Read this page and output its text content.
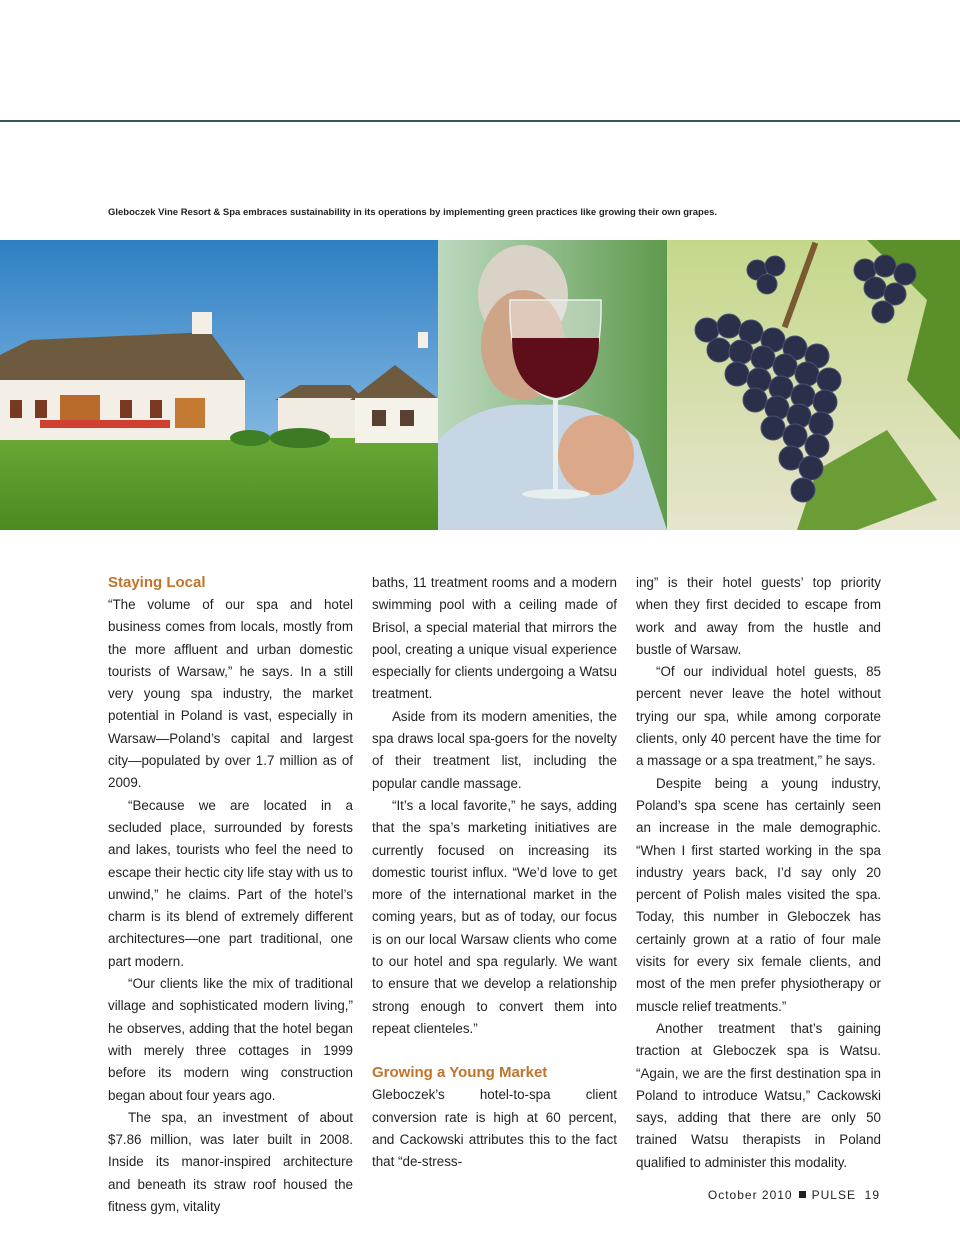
Gleboczek Vine Resort & Spa embraces sustainability in its operations by implementing green practices like growing their own grapes.
Staying Local

“The volume of our spa and hotel business comes from locals, mostly from the more affluent and urban domestic tourists of Warsaw,” he says. In a still very young spa industry, the market potential in Poland is vast, especially in Warsaw—Poland’s capital and largest city—populated by over 1.7 million as of 2009.

“Because we are located in a secluded place, surrounded by forests and lakes, tourists who feel the need to escape their hectic city life stay with us to unwind,” he claims. Part of the hotel’s charm is its blend of extremely different architectures—one part traditional, one part modern.

“Our clients like the mix of traditional village and sophisticated modern living,” he observes, adding that the hotel began with merely three cottages in 1999 before its modern wing construction began about four years ago.

The spa, an investment of about $7.86 million, was later built in 2008. Inside its manor-inspired architecture and beneath its straw roof housed the fitness gym, vitality

baths, 11 treatment rooms and a modern swimming pool with a ceiling made of Brisol, a special material that mirrors the pool, creating a unique visual experience especially for clients undergoing a Watsu treatment.

Aside from its modern amenities, the spa draws local spa-goers for the novelty of their treatment list, including the popular candle massage.

“It’s a local favorite,” he says, adding that the spa’s marketing initiatives are currently focused on increasing its domestic tourist influx. “We’d love to get more of the international market in the coming years, but as of today, our focus is on our local Warsaw clients who come to our hotel and spa regularly. We want to ensure that we develop a relationship strong enough to convert them into repeat clienteles.”

Growing a Young Market

Gleboczek’s hotel-to-spa client conversion rate is high at 60 percent, and Cackowski attributes this to the fact that “de-stress-

ing” is their hotel guests’ top priority when they first decided to escape from work and away from the hustle and bustle of Warsaw.

“Of our individual hotel guests, 85 percent never leave the hotel without trying our spa, while among corporate clients, only 40 percent have the time for a massage or a spa treatment,” he says.

Despite being a young industry, Poland’s spa scene has certainly seen an increase in the male demographic. “When I first started working in the spa industry years back, I’d say only 20 percent of Polish males visited the spa. Today, this number in Gleboczek has certainly grown at a ratio of four male visits for every six female clients, and most of the men prefer physiotherapy or muscle relief treatments.”

Another treatment that’s gaining traction at Gleboczek spa is Watsu. “Again, we are the first destination spa in Poland to introduce Watsu,” Cackowski says, adding that there are only 50 trained Watsu therapists in Poland qualified to administer this modality.

October 2010 PULSE 19
